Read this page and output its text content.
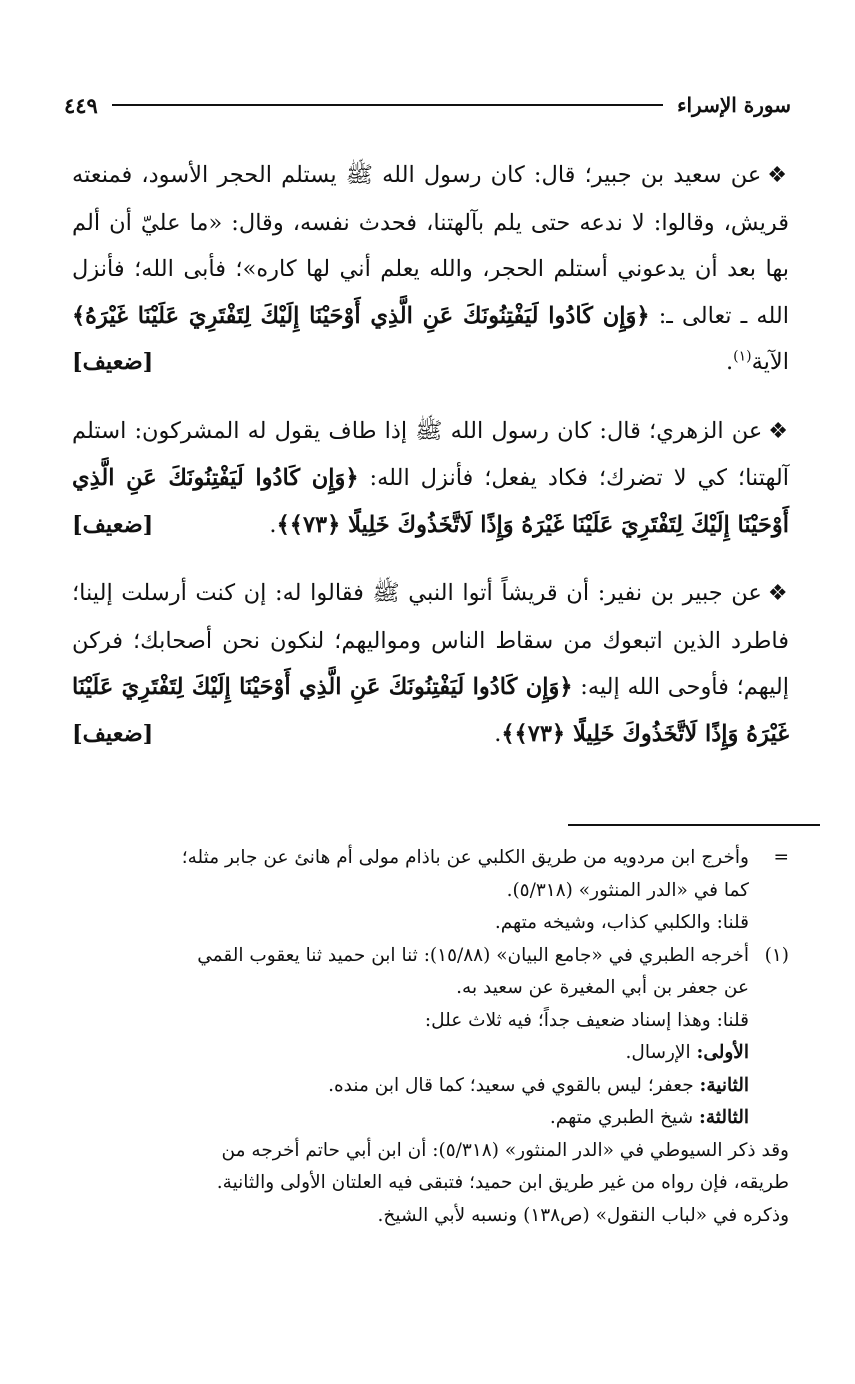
سورة الإسراء
٤٤٩

❖عن سعيد بن جبير؛ قال: كان رسول الله ﷺ يستلم الحجر الأسود، فمنعته قريش، وقالوا: لا ندعه حتى يلم بآلهتنا، فحدث نفسه، وقال: «ما عليّ أن ألم بها بعد أن يدعوني أستلم الحجر، والله يعلم أني لها كاره»؛ فأبى الله؛ فأنزل الله ـ تعالى ـ: ﴿وَإِن كَادُوا لَيَفْتِنُونَكَ عَنِ الَّذِي أَوْحَيْنَا إِلَيْكَ لِتَفْتَرِيَ عَلَيْنَا غَيْرَهُ﴾ الآية$^{(١)}$.
[ضعيف]

❖عن الزهري؛ قال: كان رسول الله ﷺ إذا طاف يقول له المشركون: استلم آلهتنا؛ كي لا تضرك؛ فكاد يفعل؛ فأنزل الله: ﴿وَإِن كَادُوا لَيَفْتِنُونَكَ عَنِ الَّذِي أَوْحَيْنَا إِلَيْكَ لِتَفْتَرِيَ عَلَيْنَا غَيْرَهُ وَإِذًا لَاتَّخَذُوكَ خَلِيلًا ﴿٧٣﴾﴾.
[ضعيف]

❖عن جبير بن نفير: أن قريشاً أتوا النبي ﷺ فقالوا له: إن كنت أرسلت إلينا؛ فاطرد الذين اتبعوك من سقاط الناس ومواليهم؛ لنكون نحن أصحابك؛ فركن إليهم؛ فأوحى الله إليه: ﴿وَإِن كَادُوا لَيَفْتِنُونَكَ عَنِ الَّذِي أَوْحَيْنَا إِلَيْكَ لِتَفْتَرِيَ عَلَيْنَا غَيْرَهُ وَإِذًا لَاتَّخَذُوكَ خَلِيلًا ﴿٧٣﴾﴾.
[ضعيف]

=
وأخرج ابن مردويه من طريق الكلبي عن باذام مولى أم هانئ عن جابر مثله؛
كما في «الدر المنثور» (٥/٣١٨).
قلنا: والكلبي كذاب، وشيخه متهم.
(١)
أخرجه الطبري في «جامع البيان» (١٥/٨٨): ثنا ابن حميد ثنا يعقوب القمي
عن جعفر بن أبي المغيرة عن سعيد به.
قلنا: وهذا إسناد ضعيف جداً؛ فيه ثلاث علل:
الأولى: الإرسال.
الثانية: جعفر؛ ليس بالقوي في سعيد؛ كما قال ابن منده.
الثالثة: شيخ الطبري متهم.
وقد ذكر السيوطي في «الدر المنثور» (٥/٣١٨): أن ابن أبي حاتم أخرجه من
طريقه، فإن رواه من غير طريق ابن حميد؛ فتبقى فيه العلتان الأولى والثانية.
وذكره في «لباب النقول» (ص١٣٨) ونسبه لأبي الشيخ.
